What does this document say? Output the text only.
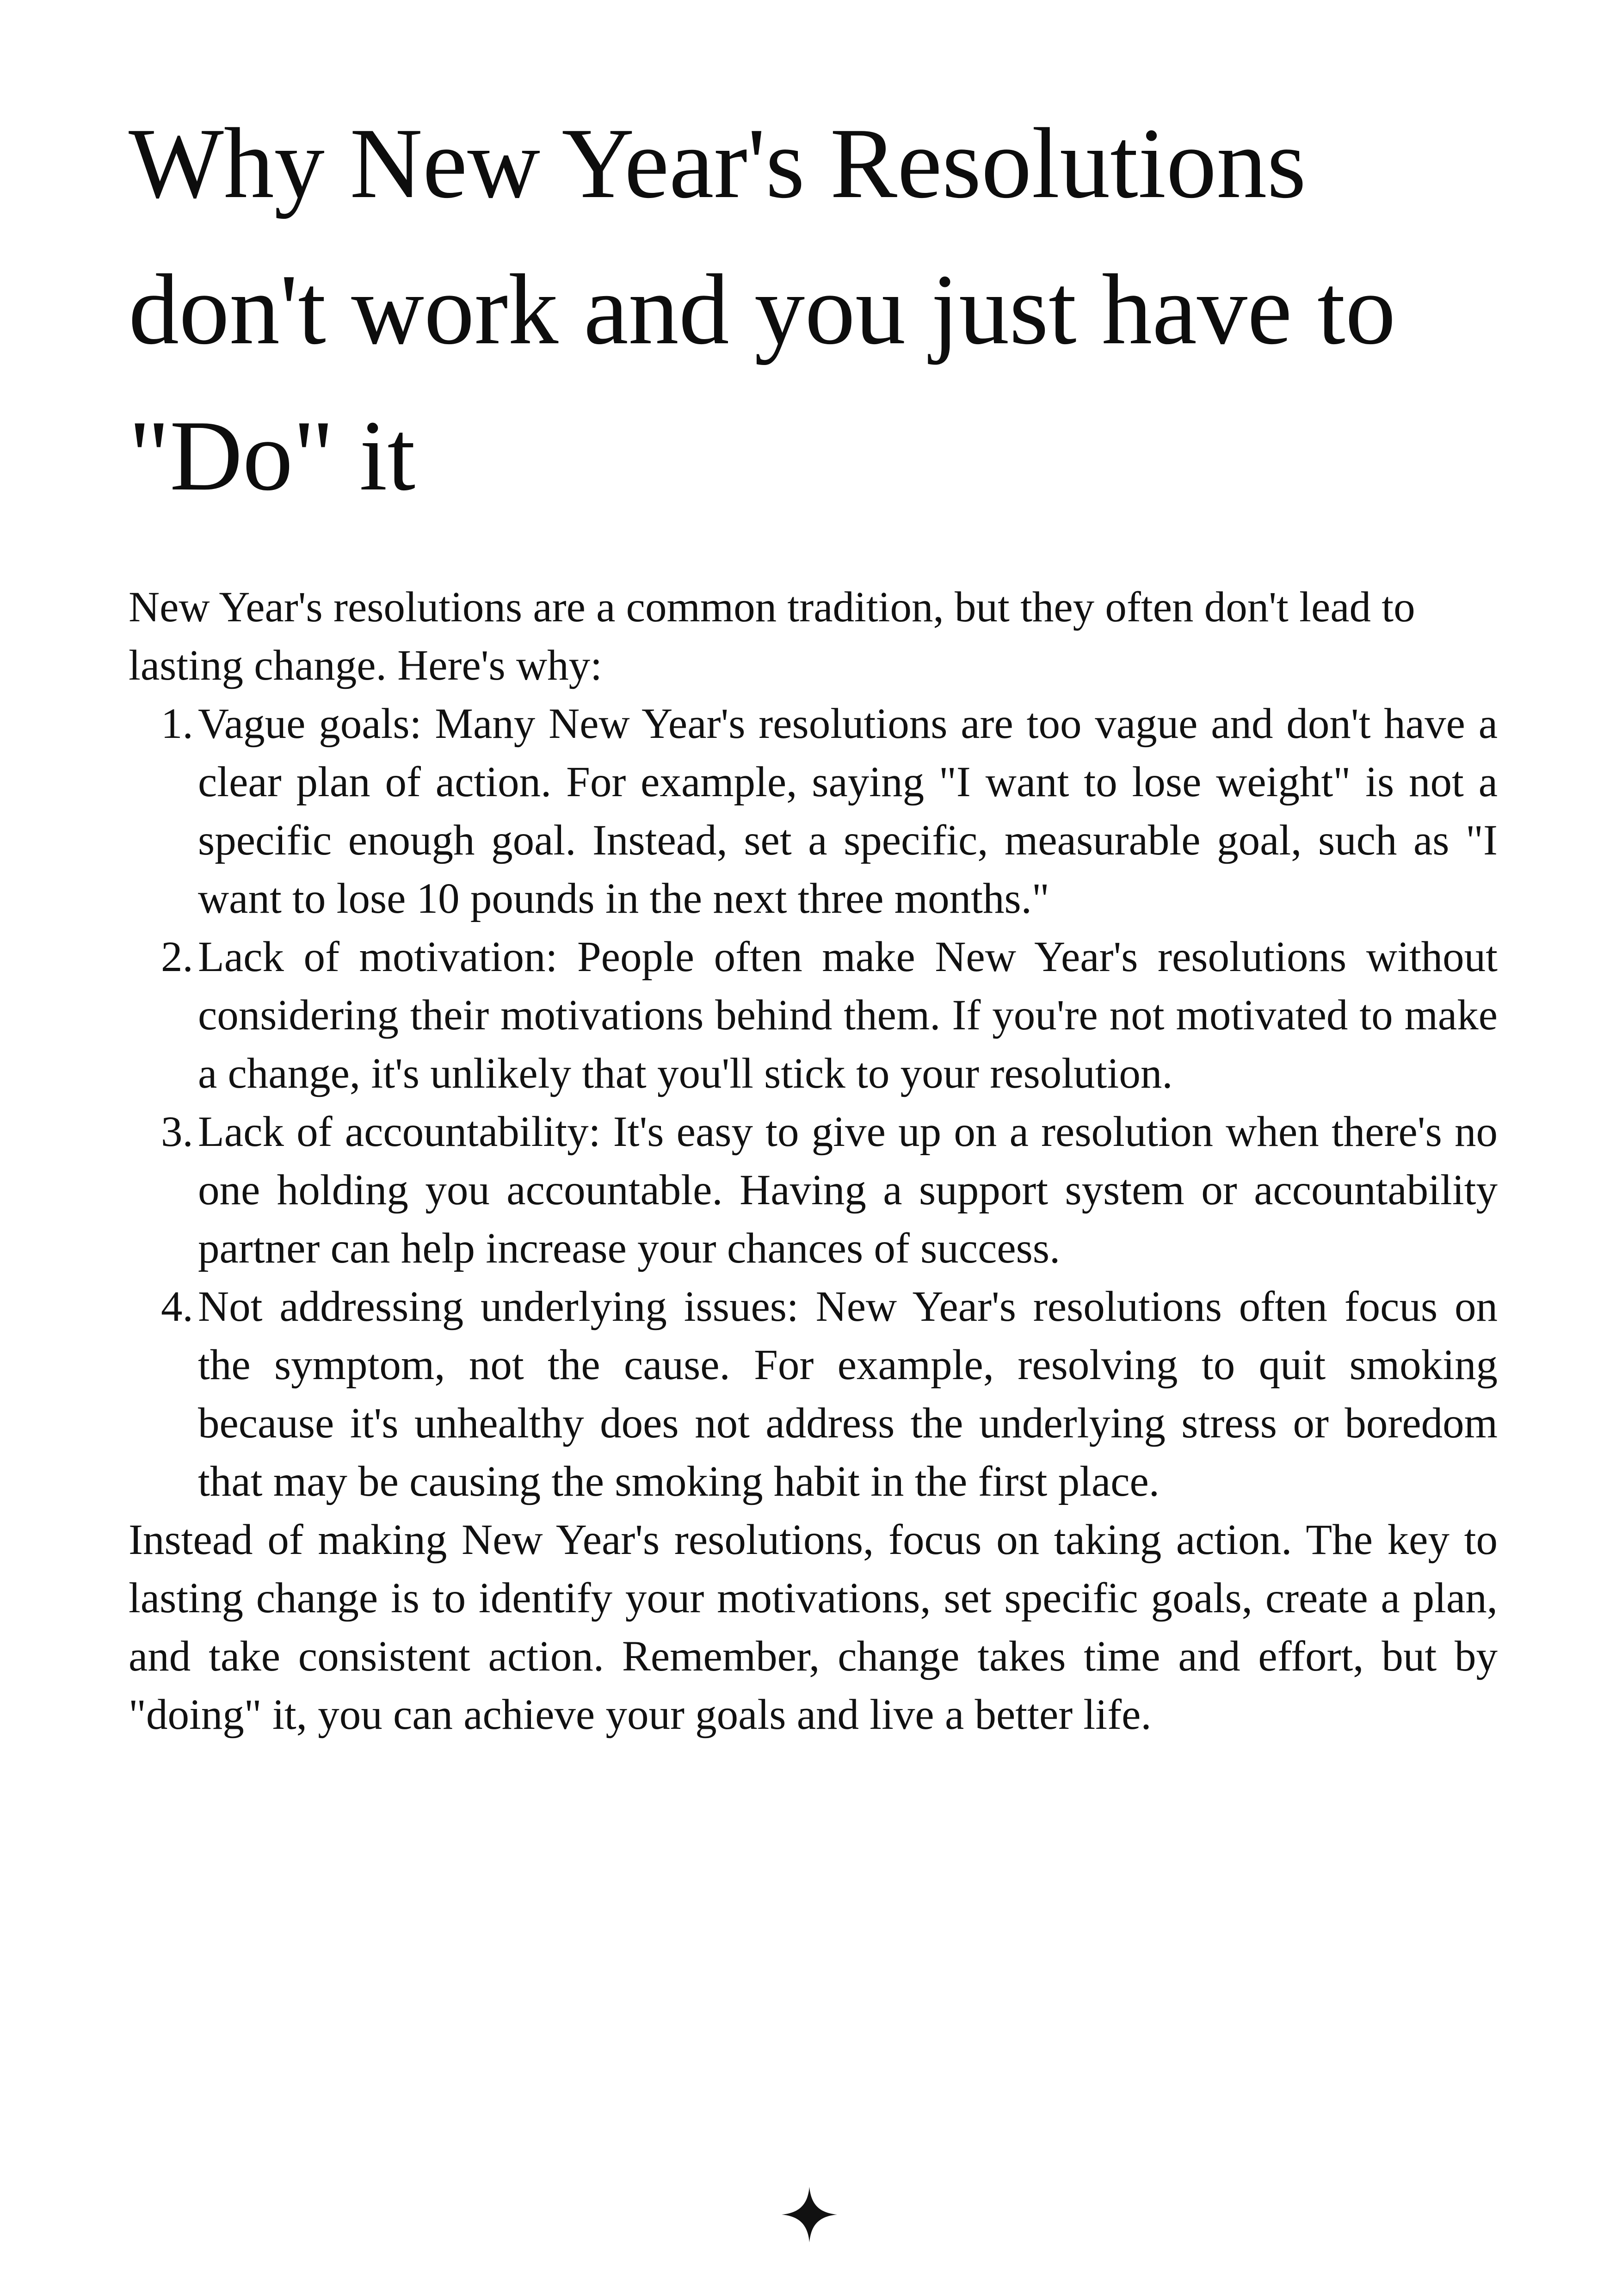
Why New Year's Resolutions don't work and you just have to "Do" it

New Year's resolutions are a common tradition, but they often don't lead to lasting change. Here's why:

1. Vague goals: Many New Year's resolutions are too vague and don't have a clear plan of action. For example, saying "I want to lose weight" is not a specific enough goal. Instead, set a specific, measurable goal, such as "I want to lose 10 pounds in the next three months."
2. Lack of motivation: People often make New Year's resolutions without considering their motivations behind them. If you're not motivated to make a change, it's unlikely that you'll stick to your resolution.
3. Lack of accountability: It's easy to give up on a resolution when there's no one holding you accountable. Having a support system or accountability partner can help increase your chances of success.
4. Not addressing underlying issues: New Year's resolutions often focus on the symptom, not the cause. For example, resolving to quit smoking because it's unhealthy does not address the underlying stress or boredom that may be causing the smoking habit in the first place.

Instead of making New Year's resolutions, focus on taking action. The key to lasting change is to identify your motivations, set specific goals, create a plan, and take consistent action. Remember, change takes time and effort, but by "doing" it, you can achieve your goals and live a better life.
